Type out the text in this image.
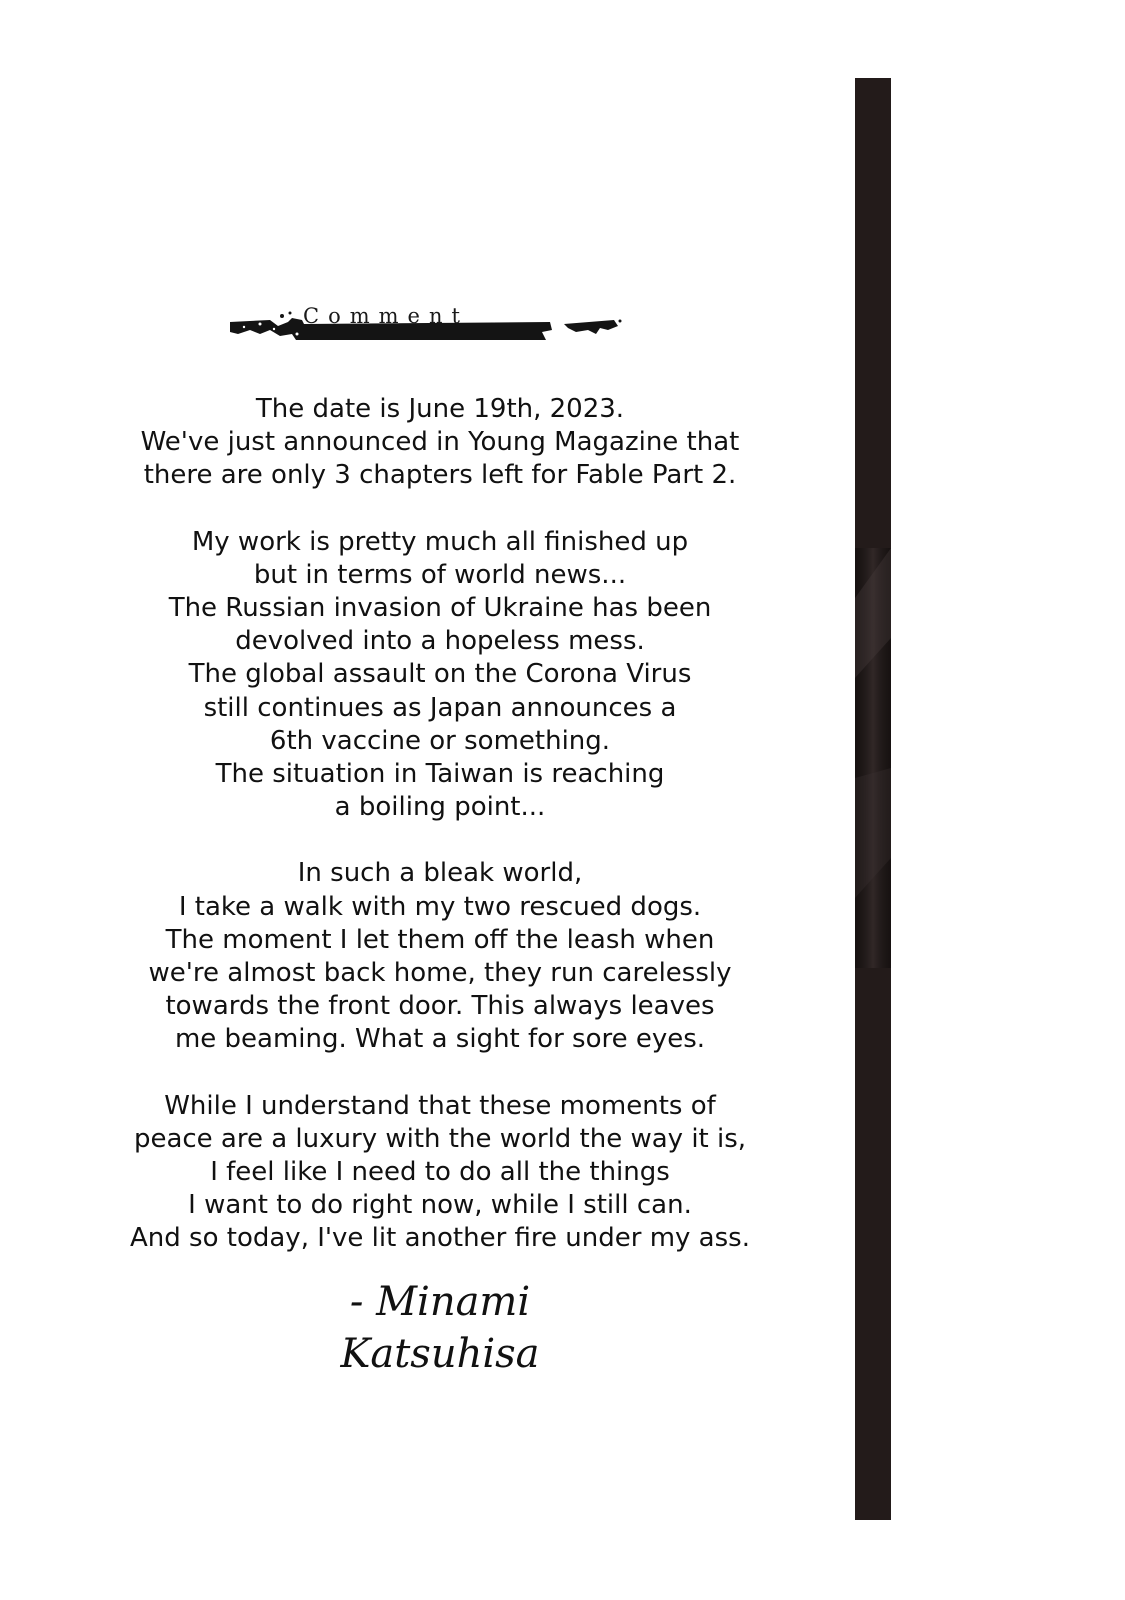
Comment

The date is June 19th, 2023.
We've just announced in Young Magazine that
there are only 3 chapters left for Fable Part 2.

My work is pretty much all finished up
but in terms of world news...
The Russian invasion of Ukraine has been
devolved into a hopeless mess.
The global assault on the Corona Virus
still continues as Japan announces a
6th vaccine or something.
The situation in Taiwan is reaching
a boiling point...

In such a bleak world,
I take a walk with my two rescued dogs.
The moment I let them off the leash when
we're almost back home, they run carelessly
towards the front door. This always leaves
me beaming. What a sight for sore eyes.

While I understand that these moments of
peace are a luxury with the world the way it is,
I feel like I need to do all the things
I want to do right now, while I still can.
And so today, I've lit another fire under my ass.

- Minami
Katsuhisa
